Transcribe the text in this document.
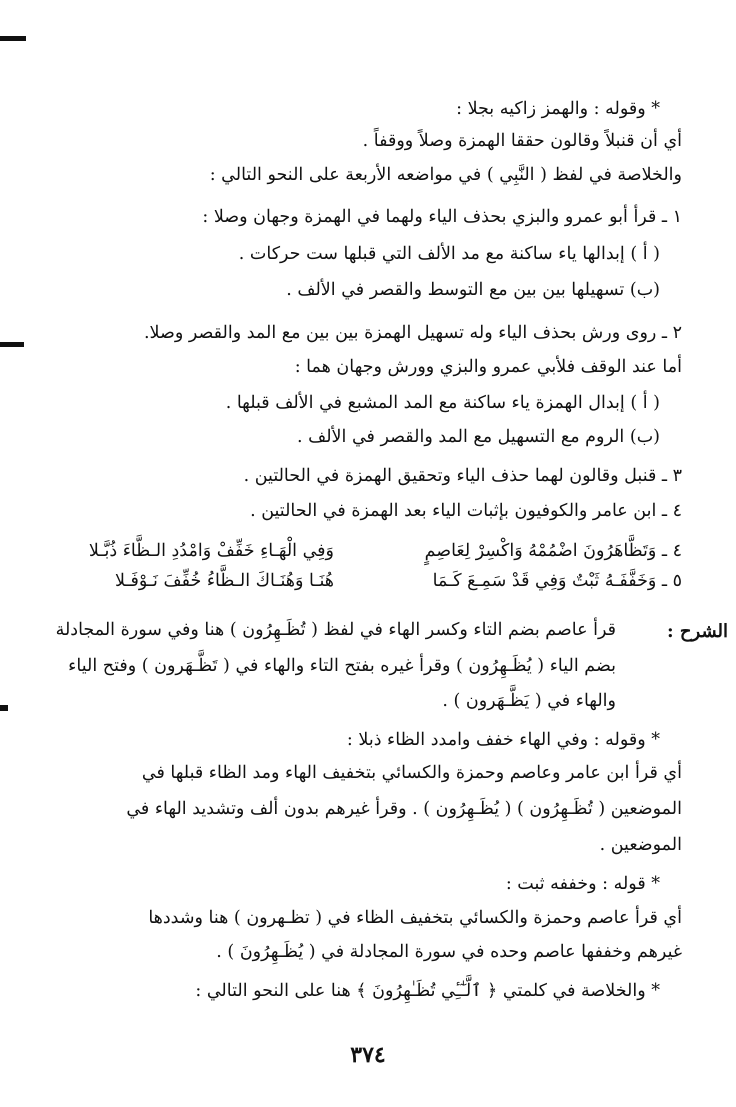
* وقوله : والهمز زاكيه بجلا :
أي أن قنبلاً وقالون حققا الهمزة وصلاً ووقفاً .
والخلاصة في لفظ ( النَّبِي ) في مواضعه الأربعة على النحو التالي :
١ ـ قرأ أبو عمرو والبزي بحذف الياء ولهما في الهمزة وجهان وصلا :
( أ ) إبدالها ياء ساكنة مع مد الألف التي قبلها ست حركات .
(ب) تسهيلها بين بين مع التوسط والقصر في الألف .
٢ ـ روى ورش بحذف الياء وله تسهيل الهمزة بين بين مع المد والقصر وصلا.
أما عند الوقف فلأبي عمرو والبزي وورش وجهان هما :
( أ ) إبدال الهمزة ياء ساكنة مع المد المشبع في الألف قبلها .
(ب) الروم مع التسهيل مع المد والقصر في الألف .
٣ ـ قنبل وقالون لهما حذف الياء وتحقيق الهمزة في الحالتين .
٤ ـ ابن عامر والكوفيون بإثبات الياء بعد الهمزة في الحالتين .
٤ ـ وَتَظَّاهَرُونَ اضْمُمْهُ وَاكْسِرْ لِعَاصِمٍ
وَفِي الْهَـاءِ خَفِّفْ وَامْدُدِ الـظَّاءَ ذُبَّـلا
٥ ـ وَخَفَّفَـهُ ثَبْتٌ وَفِي قَدْ سَمِـعَ كَـمَا
هُنَـا وَهُنَـاكَ الـظَّاءُ خُفِّفَ نَـوْفَـلا
الشرح :
قرأ عاصم بضم التاء وكسر الهاء في لفظ ( تُظَـهِرُون ) هنا وفي سورة المجادلة
بضم الياء ( يُظَـهِرُون ) وقرأ غيره بفتح التاء والهاء في ( تَظَّـهَرون ) وفتح الياء
والهاء في ( يَظَّـهَرون ) .
* وقوله : وفي الهاء خفف وامدد الظاء ذبلا :
أي قرأ ابن عامر وعاصم وحمزة والكسائي بتخفيف الهاء ومد الظاء قبلها في
الموضعين ( تُظَـهِرُون ) ( يُظَـهِرُون ) . وقرأ غيرهم بدون ألف وتشديد الهاء في
الموضعين .
* قوله : وخففه ثبت :
أي قرأ عاصم وحمزة والكسائي بتخفيف الظاء في ( تظـهرون ) هنا وشددها
غيرهم وخففها عاصم وحده في سورة المجادلة في ( يُظَـهِرُونَ ) .
* والخلاصة في كلمتي ﴿ ٱلَّـٰٓـِٔي تُظَـٰهِرُونَ ﴾ هنا على النحو التالي :
٣٧٤
